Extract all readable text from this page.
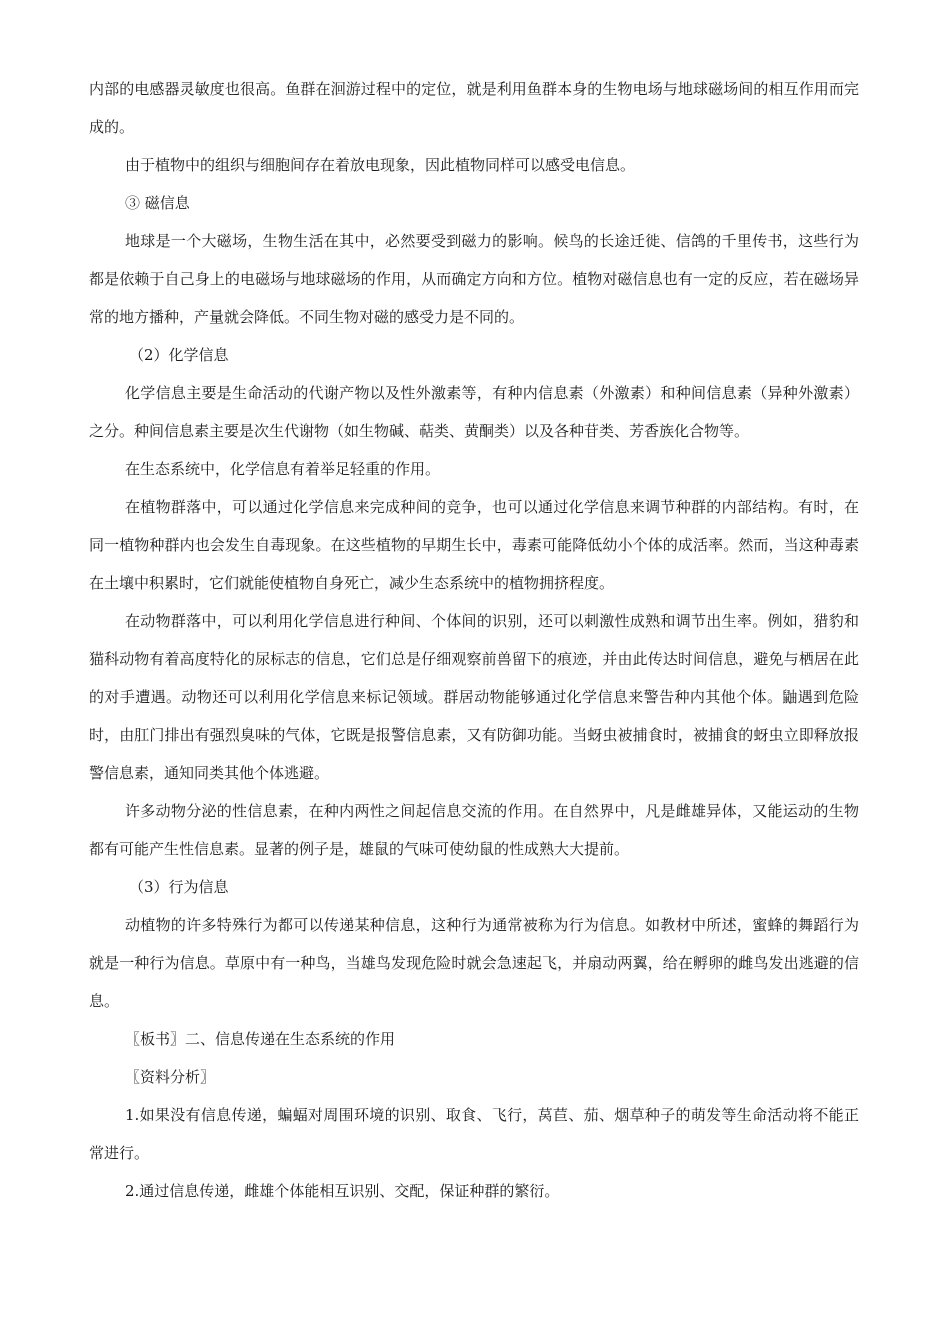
内部的电感器灵敏度也很高。鱼群在洄游过程中的定位，就是利用鱼群本身的生物电场与地球磁场间的相互作用而完成的。

由于植物中的组织与细胞间存在着放电现象，因此植物同样可以感受电信息。

③ 磁信息

地球是一个大磁场，生物生活在其中，必然要受到磁力的影响。候鸟的长途迁徙、信鸽的千里传书，这些行为都是依赖于自己身上的电磁场与地球磁场的作用，从而确定方向和方位。植物对磁信息也有一定的反应，若在磁场异常的地方播种，产量就会降低。不同生物对磁的感受力是不同的。

（2）化学信息

化学信息主要是生命活动的代谢产物以及性外激素等，有种内信息素（外激素）和种间信息素（异种外激素）之分。种间信息素主要是次生代谢物（如生物碱、萜类、黄酮类）以及各种苷类、芳香族化合物等。

在生态系统中，化学信息有着举足轻重的作用。

在植物群落中，可以通过化学信息来完成种间的竞争，也可以通过化学信息来调节种群的内部结构。有时，在同一植物种群内也会发生自毒现象。在这些植物的早期生长中，毒素可能降低幼小个体的成活率。然而，当这种毒素在土壤中积累时，它们就能使植物自身死亡，减少生态系统中的植物拥挤程度。

在动物群落中，可以利用化学信息进行种间、个体间的识别，还可以刺激性成熟和调节出生率。例如，猎豹和猫科动物有着高度特化的尿标志的信息，它们总是仔细观察前兽留下的痕迹，并由此传达时间信息，避免与栖居在此的对手遭遇。动物还可以利用化学信息来标记领域。群居动物能够通过化学信息来警告种内其他个体。鼬遇到危险时，由肛门排出有强烈臭味的气体，它既是报警信息素，又有防御功能。当蚜虫被捕食时，被捕食的蚜虫立即释放报警信息素，通知同类其他个体逃避。

许多动物分泌的性信息素，在种内两性之间起信息交流的作用。在自然界中，凡是雌雄异体，又能运动的生物都有可能产生性信息素。显著的例子是，雄鼠的气味可使幼鼠的性成熟大大提前。

（3）行为信息

动植物的许多特殊行为都可以传递某种信息，这种行为通常被称为行为信息。如教材中所述，蜜蜂的舞蹈行为就是一种行为信息。草原中有一种鸟，当雄鸟发现危险时就会急速起飞，并扇动两翼，给在孵卵的雌鸟发出逃避的信息。

〖板书〗二、信息传递在生态系统的作用

〖资料分析〗

1.如果没有信息传递，蝙蝠对周围环境的识别、取食、飞行，莴苣、茄、烟草种子的萌发等生命活动将不能正常进行。

2.通过信息传递，雌雄个体能相互识别、交配，保证种群的繁衍。
